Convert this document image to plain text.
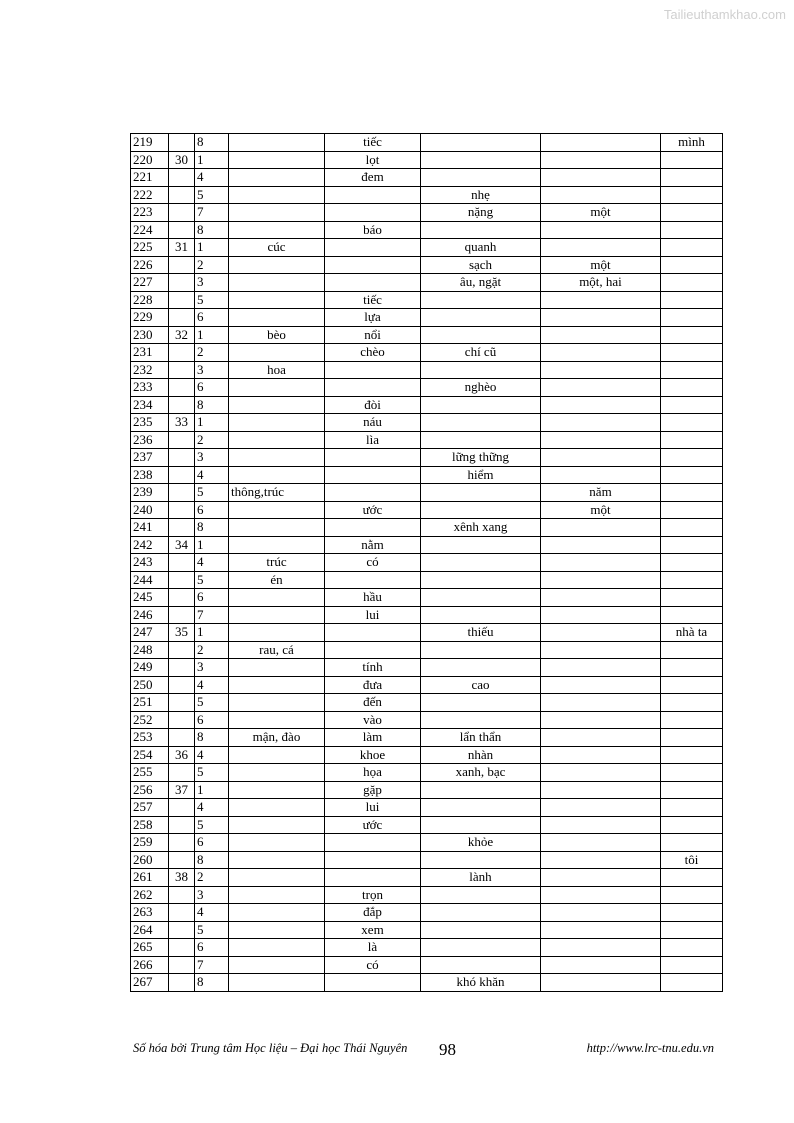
Tailieuthamkhao.com
219		8		tiếc			mình
220	30	1		lọt			
221		4		đem			
222		5			nhẹ		
223		7			nặng	một	
224		8		báo			
225	31	1	cúc		quanh		
226		2			sạch	một	
227		3			âu, ngặt	một, hai	
228		5		tiếc			
229		6		lựa			
230	32	1	bèo	nổi			
231		2		chèo	chí cũ		
232		3	hoa				
233		6			nghèo		
234		8		đòi			
235	33	1		náu			
236		2		lìa			
237		3			lững thững		
238		4			hiểm		
239		5	thông,trúc			năm	
240		6		ước		một	
241		8			xênh xang		
242	34	1		nằm			
243		4	trúc	có			
244		5	én				
245		6		hầu			
246		7		lui			
247	35	1			thiếu		nhà ta
248		2	rau, cá				
249		3		tính			
250		4		đưa	cao		
251		5		đến			
252		6		vào			
253		8	mận, đào	làm	lẩn thẩn		
254	36	4		khoe	nhàn		
255		5		họa	xanh, bạc		
256	37	1		gặp			
257		4		lui			
258		5		ước			
259		6			khỏe		
260		8					tôi
261	38	2			lành		
262		3		trọn			
263		4		đắp			
264		5		xem			
265		6		là			
266		7		có			
267		8			khó khăn		
Số hóa bởi Trung tâm Học liệu – Đại học Thái Nguyên 98	http://www.lrc-tnu.edu.vn
